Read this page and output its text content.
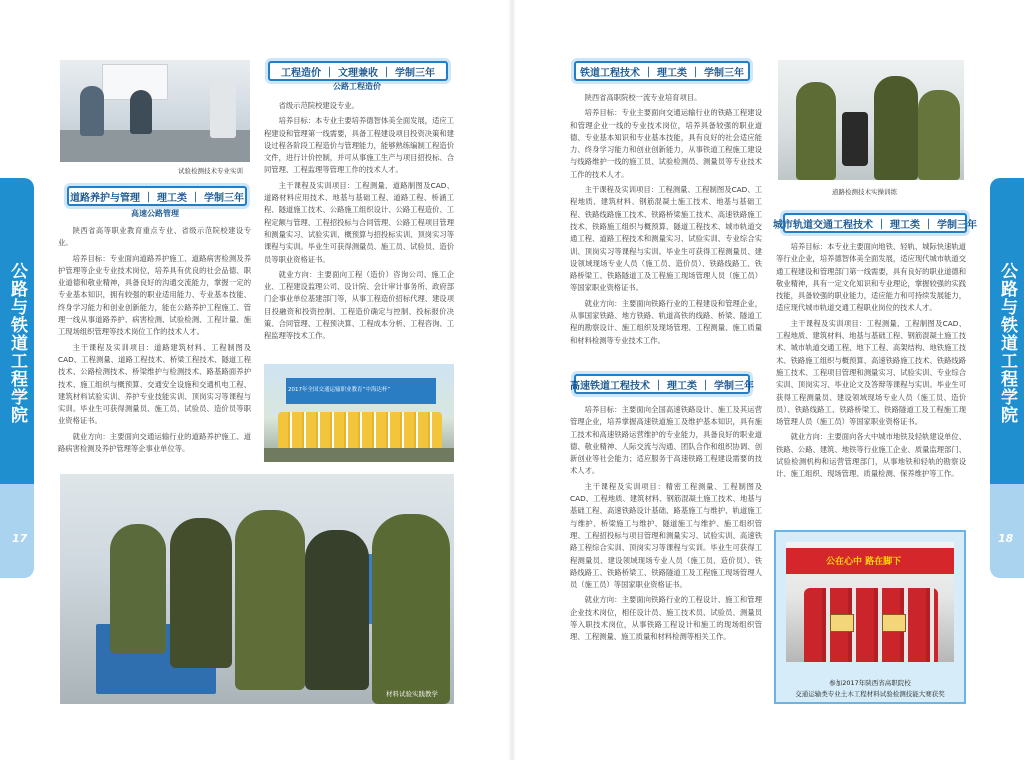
公路与铁道工程学院
17
公路与铁道工程学院
18
试验检测技术专业实训
道路养护与管理 ｜ 理工类 ｜ 学制三年
高速公路管理

陕西省高等职业教育重点专业、省级示范院校建设专业。

培养目标：专业面向道路养护施工、道路病害检测及养护管理等企业专业技术岗位，培养具有优良的社会品德、职业道德和敬业精神，具备良好的沟通交流能力，掌握一定的专业基本知识，拥有较强的职业适用能力、专业基本技能、终身学习能力和创业创新能力，能在公路养护工程施工、管理一线从事道路养护、病害检测、试验检测、工程计量、施工现场组织管理等技术岗位工作的技术人才。

主干课程及实训项目：道路建筑材料、工程制图及CAD、工程测量、道路工程技术、桥梁工程技术、隧道工程技术、公路检测技术、桥梁维护与检测技术、路基路面养护技术、施工组织与概预算、交通安全设施和交通机电工程、建筑材料试验实训、养护专业技能实训、顶岗实习等课程与实训。毕业生可获得测量员、施工员、试验员、造价员等职业资格证书。

就业方向：主要面向交通运输行业的道路养护施工、道路病害检测及养护管理等企事业单位等。

工程造价 ｜ 文理兼收 ｜ 学制三年
公路工程造价

省级示范院校建设专业。

培养目标：本专业主要培养德智体美全面发展，适应工程建设和管理第一线需要，具备工程建设项目投资决策和建设过程各阶段工程造价与管理能力，能够熟练编制工程造价文件，进行计价控制，并可从事施工生产与项目招投标、合同管理、工程监理等管理工作的技术人才。

主干课程及实训项目：工程测量、道路制图及CAD、道路材料应用技术、地基与基础工程、道路工程、桥涵工程、隧道施工技术、公路施工组织设计、公路工程造价、工程定额与管理、工程招投标与合同管理、公路工程项目管理和测量实习、试验实训、概预算与招投标实训、顶岗实习等课程与实训。毕业生可获得测量员、施工员、试验员、造价员等职业资格证书。

就业方向：主要面向工程（造价）咨询公司、施工企业、工程建设监理公司、设计院、会计审计事务所、政府部门企事业单位基建部门等，从事工程造价招标代理、建设项目投融资和投资控制、工程造价确定与控制、投标报价决策、合同管理、工程预决算、工程成本分析、工程咨询、工程监理等技术工作。

2017年全国交通运输职业教育“中海达杯”
材料试验实践教学
铁道工程技术 ｜ 理工类 ｜ 学制三年

陕西省高职院校一流专业培育项目。

培养目标：专业主要面向交通运输行业的铁路工程建设和管理企业一线的专业技术岗位，培养具备较强的职业道德、专业基本知识和专业基本技能，具有良好的社会适应能力、终身学习能力和创业创新能力，从事铁道工程施工建设与线路维护一线的施工员、试验检测员、测量员等专业技术工作的技术人才。

主干课程及实训项目：工程测量、工程制图及CAD、工程地质、建筑材料、钢筋混凝土施工技术、地基与基础工程、铁路线路施工技术、铁路桥梁施工技术、高速铁路施工技术、铁路施工组织与概预算、隧道工程技术、城市轨道交通工程、道路工程技术和测量实习、试验实训、专业综合实训、顶岗实习等课程与实训。毕业生可获得工程测量员、建设领域现场专业人员（施工员、造价员）、铁路线路工、铁路桥梁工、铁路隧道工及工程施工现场管理人员（施工员）等国家职业资格证书。

就业方向：主要面向铁路行业的工程建设和管理企业，从事国家铁路、地方铁路、轨道高铁的线路、桥梁、隧道工程的勘察设计、施工组织及现场管理、工程测量、施工质量和材料检测等专业技术工作。

道路检测技术实操训练
高速铁道工程技术 ｜ 理工类 ｜ 学制三年

培养目标：主要面向全国高速铁路设计、施工及其运营管理企业，培养掌握高速铁道施工及维护基本知识，具有施工技术和高速铁路运营维护的专业能力，具备良好的职业道德、敬业精神、人际交流与沟通、团队合作和组织协调、创新创业等社会能力；适应服务于高速铁路工程建设需要的技术人才。

主干课程及实训项目：精密工程测量、工程制图及CAD、工程地质、建筑材料、钢筋混凝土施工技术、地基与基础工程、高速铁路设计基础、路基施工与维护、轨道施工与维护、桥梁施工与维护、隧道施工与维护、施工组织管理、工程招投标与项目管理和测量实习、试验实训、高速铁路工程综合实训、顶岗实习等课程与实训。毕业生可获得工程测量员、建设领域现场专业人员（施工员、造价员）、铁路线路工、铁路桥梁工、铁路隧道工及工程施工现场管理人员（施工员）等国家职业资格证书。

就业方向：主要面向铁路行业的工程设计、施工和管理企业技术岗位，相任设计员、施工技术员、试验员、测量员等入职技术岗位，从事铁路工程设计和施工的现场组织管理、工程测量、施工质量和材料检测等相关工作。

城市轨道交通工程技术 ｜ 理工类 ｜ 学制三年

培养目标：本专业主要面向地铁、轻轨、城际快速轨道等行业企业，培养德智体美全面发展，适应现代城市轨道交通工程建设和管理部门第一线需要，具有良好的职业道德和敬业精神，具有一定文化知识和专业理论，掌握较强的实践技能，具备较强的职业能力，适应能力和可持续发展能力，适应现代城市轨道交通工程职业岗位的技术人才。

主干课程及实训项目：工程测量、工程制图及CAD、工程地质、建筑材料、地基与基础工程、钢筋混凝土施工技术、城市轨道交通工程、地下工程、高架结构、地铁施工技术、铁路施工组织与概预算、高速铁路施工技术、铁路线路施工技术、工程项目管理和测量实习、试验实训、专业综合实训、顶岗实习、毕业论文及答辩等课程与实训。毕业生可获得工程测量员、建设领域现场专业人员（施工员、造价员）、铁路线路工、铁路桥梁工、铁路隧道工及工程施工现场管理人员（施工员）等国家职业资格证书。

就业方向：主要面向各大中城市地铁及轻轨建设单位、铁路、公路、建筑、地铁等行业施工企业、质量监理部门、试验检测机构和运营管理部门，从事地铁和轻轨的勘察设计、施工组织、现场管理、质量检测、保养维护等工作。

公在心中 路在脚下
参加2017年陕西省高职院校
交通运输类专业土木工程材料试验检测技能大赛获奖
